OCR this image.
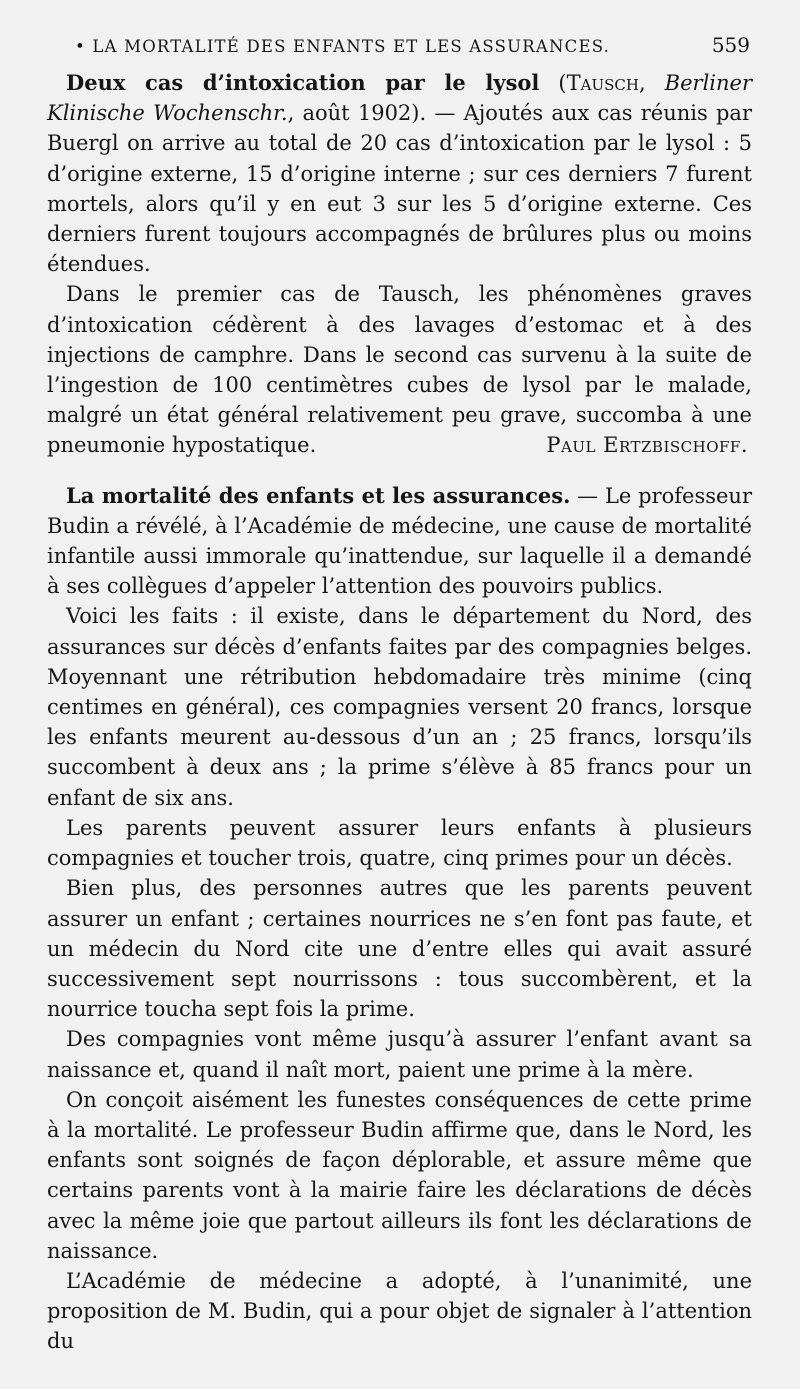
• LA MORTALITÉ DES ENFANTS ET LES ASSURANCES.	559

Deux cas d’intoxication par le lysol (Tausch, Berliner Klinische Wochenschr., août 1902). — Ajoutés aux cas réunis par Buergl on arrive au total de 20 cas d’intoxication par le lysol : 5 d’origine externe, 15 d’origine interne ; sur ces derniers 7 furent mortels, alors qu’il y en eut 3 sur les 5 d’origine externe. Ces derniers furent toujours accompagnés de brûlures plus ou moins étendues.

Dans le premier cas de Tausch, les phénomènes graves d’intoxication cédèrent à des lavages d’estomac et à des injections de camphre. Dans le second cas survenu à la suite de l’ingestion de 100 centimètres cubes de lysol par le malade, malgré un état général relativement peu grave, succomba à une pneumonie hypostatique.	Paul Ertzbischoff.

La mortalité des enfants et les assurances. — Le professeur Budin a révélé, à l’Académie de médecine, une cause de mortalité infantile aussi immorale qu’inattendue, sur laquelle il a demandé à ses collègues d’appeler l’attention des pouvoirs publics.

Voici les faits : il existe, dans le département du Nord, des assurances sur décès d’enfants faites par des compagnies belges. Moyennant une rétribution hebdomadaire très minime (cinq centimes en général), ces compagnies versent 20 francs, lorsque les enfants meurent au-dessous d’un an ; 25 francs, lorsqu’ils succombent à deux ans ; la prime s’élève à 85 francs pour un enfant de six ans.

Les parents peuvent assurer leurs enfants à plusieurs compagnies et toucher trois, quatre, cinq primes pour un décès.

Bien plus, des personnes autres que les parents peuvent assurer un enfant ; certaines nourrices ne s’en font pas faute, et un médecin du Nord cite une d’entre elles qui avait assuré successivement sept nourrissons : tous succombèrent, et la nourrice toucha sept fois la prime.

Des compagnies vont même jusqu’à assurer l’enfant avant sa naissance et, quand il naît mort, paient une prime à la mère.

On conçoit aisément les funestes conséquences de cette prime à la mortalité. Le professeur Budin affirme que, dans le Nord, les enfants sont soignés de façon déplorable, et assure même que certains parents vont à la mairie faire les déclarations de décès avec la même joie que partout ailleurs ils font les déclarations de naissance.

L’Académie de médecine a adopté, à l’unanimité, une proposition de M. Budin, qui a pour objet de signaler à l’attention du
